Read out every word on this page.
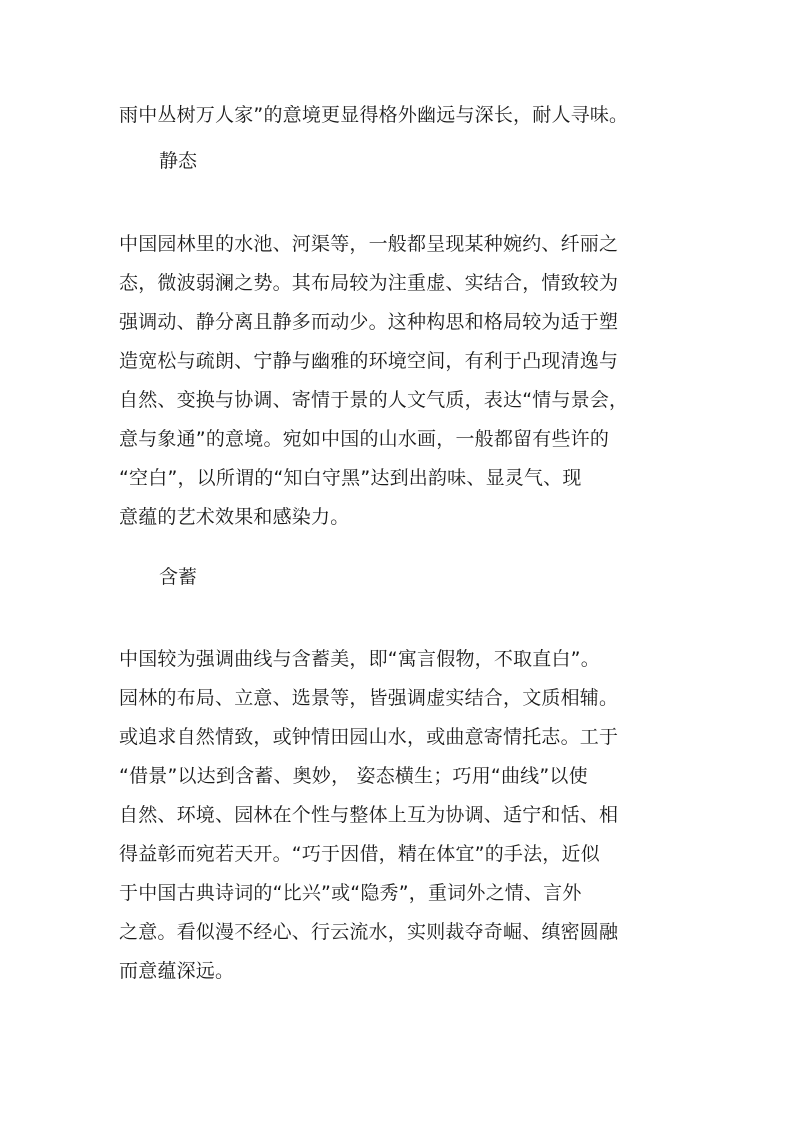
雨中丛树万人家”的意境更显得格外幽远与深长，耐人寻味。
静态
中国园林里的水池、河渠等，一般都呈现某种婉约、纤丽之
态，微波弱澜之势。其布局较为注重虚、实结合，情致较为
强调动、静分离且静多而动少。这种构思和格局较为适于塑
造宽松与疏朗、宁静与幽雅的环境空间，有利于凸现清逸与
自然、变换与协调、寄情于景的人文气质，表达“情与景会，
意与象通”的意境。宛如中国的山水画，一般都留有些许的
“空白”，以所谓的“知白守黑”达到出韵味、显灵气、现
意蕴的艺术效果和感染力。
含蓄
中国较为强调曲线与含蓄美，即“寓言假物，不取直白”。
园林的布局、立意、选景等，皆强调虚实结合，文质相辅。
或追求自然情致，或钟情田园山水，或曲意寄情托志。工于
“借景”以达到含蓄、奥妙， 姿态横生；巧用“曲线”以使
自然、环境、园林在个性与整体上互为协调、适宁和恬、相
得益彰而宛若天开。“巧于因借，精在体宜”的手法，近似
于中国古典诗词的“比兴”或“隐秀”，重词外之情、言外
之意。看似漫不经心、行云流水，实则裁夺奇崛、缜密圆融
而意蕴深远。
